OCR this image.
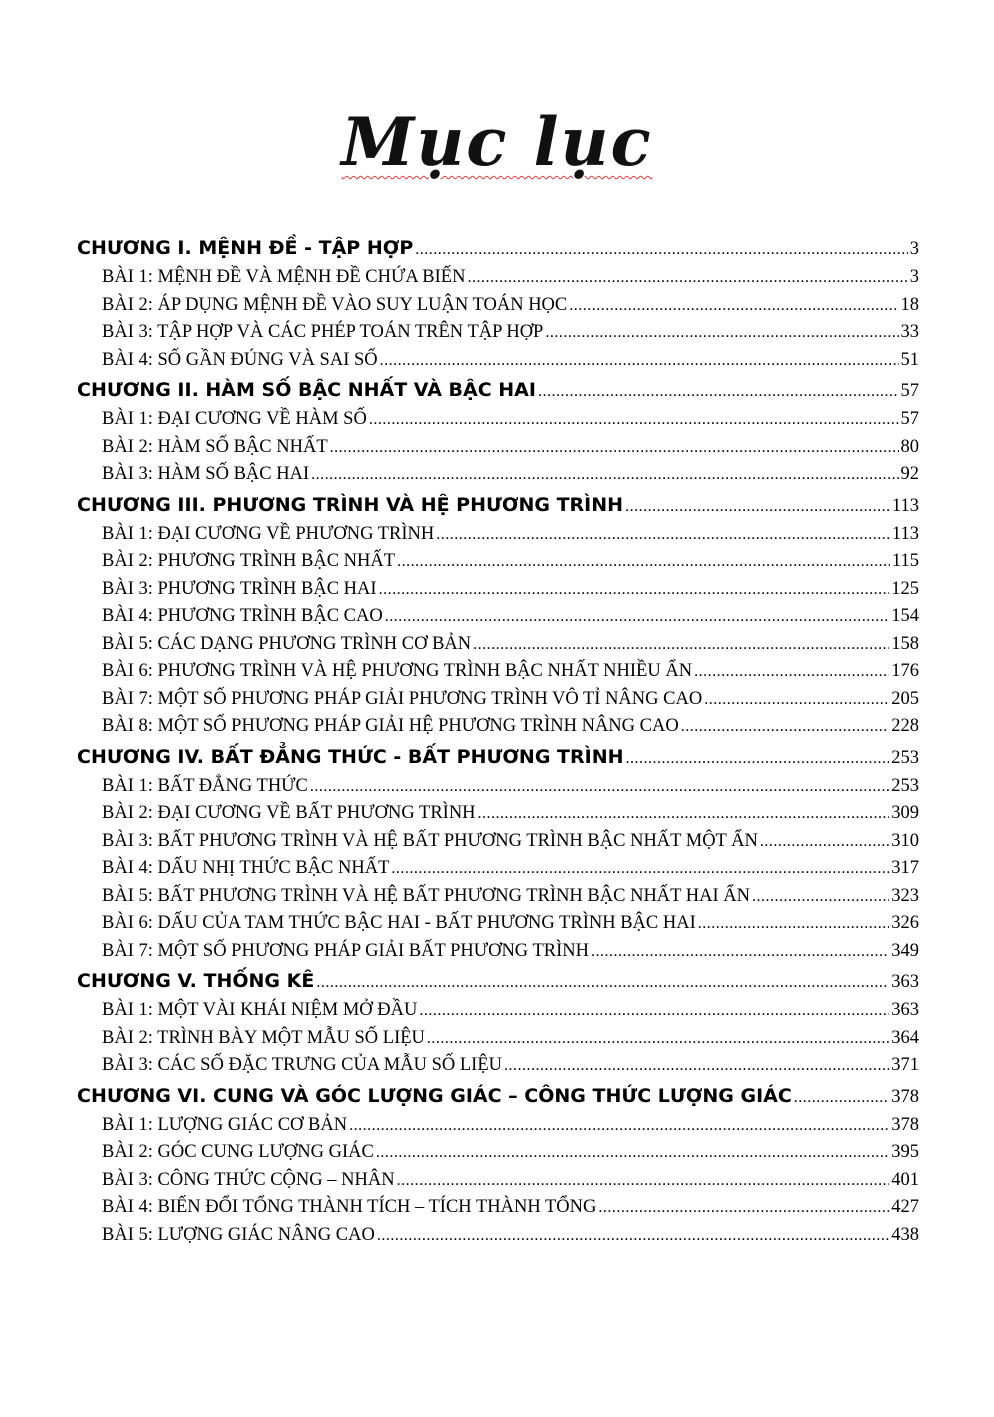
Mục lục
CHƯƠNG I. MỆNH ĐỀ - TẬP HỢP .....	3
BÀI 1: MỆNH ĐỀ VÀ MỆNH ĐỀ CHỨA BIẾN .....	3
BÀI 2: ÁP DỤNG MỆNH ĐỀ VÀO SUY LUẬN TOÁN HỌC .....	18
BÀI 3: TẬP HỢP VÀ CÁC PHÉP TOÁN TRÊN TẬP HỢP .....	33
BÀI 4: SỐ GẦN ĐÚNG VÀ SAI SỐ .....	51
CHƯƠNG II. HÀM SỐ BẬC NHẤT VÀ BẬC HAI .....	57
BÀI 1: ĐẠI CƯƠNG VỀ HÀM SỐ .....	57
BÀI 2: HÀM SỐ BẬC NHẤT .....	80
BÀI 3: HÀM SỐ BẬC HAI .....	92
CHƯƠNG III. PHƯƠNG TRÌNH VÀ HỆ PHƯƠNG TRÌNH .....	113
BÀI 1: ĐẠI CƯƠNG VỀ PHƯƠNG TRÌNH .....	113
BÀI 2: PHƯƠNG TRÌNH BẬC NHẤT .....	115
BÀI 3: PHƯƠNG TRÌNH BẬC HAI .....	125
BÀI 4: PHƯƠNG TRÌNH BẬC CAO .....	154
BÀI 5: CÁC DẠNG PHƯƠNG TRÌNH CƠ BẢN .....	158
BÀI 6: PHƯƠNG TRÌNH VÀ HỆ PHƯƠNG TRÌNH BẬC NHẤT NHIỀU ẨN .....	176
BÀI 7: MỘT SỐ PHƯƠNG PHÁP GIẢI PHƯƠNG TRÌNH VÔ TỈ NÂNG CAO .....	205
BÀI 8: MỘT SỐ PHƯƠNG PHÁP GIẢI HỆ PHƯƠNG TRÌNH NÂNG CAO .....	228
CHƯƠNG IV. BẤT ĐẲNG THỨC - BẤT PHƯƠNG TRÌNH .....	253
BÀI 1: BẤT ĐẲNG THỨC .....	253
BÀI 2: ĐẠI CƯƠNG VỀ BẤT PHƯƠNG TRÌNH .....	309
BÀI 3: BẤT PHƯƠNG TRÌNH VÀ HỆ BẤT PHƯƠNG TRÌNH BẬC NHẤT MỘT ẨN .....	310
BÀI 4: DẤU NHỊ THỨC BẬC NHẤT .....	317
BÀI 5: BẤT PHƯƠNG TRÌNH VÀ HỆ BẤT PHƯƠNG TRÌNH BẬC NHẤT HAI ẨN .....	323
BÀI 6: DẤU CỦA TAM THỨC BẬC HAI - BẤT PHƯƠNG TRÌNH BẬC HAI .....	326
BÀI 7: MỘT SỐ PHƯƠNG PHÁP GIẢI BẤT PHƯƠNG TRÌNH .....	349
CHƯƠNG V. THỐNG KÊ .....	363
BÀI 1: MỘT VÀI KHÁI NIỆM MỞ ĐẦU .....	363
BÀI 2: TRÌNH BÀY MỘT MẪU SỐ LIỆU .....	364
BÀI 3: CÁC SỐ ĐẶC TRƯNG CỦA MẪU SỐ LIỆU .....	371
CHƯƠNG VI. CUNG VÀ GÓC LƯỢNG GIÁC – CÔNG THỨC LƯỢNG GIÁC .....	378
BÀI 1: LƯỢNG GIÁC CƠ BẢN .....	378
BÀI 2: GÓC CUNG LƯỢNG GIÁC .....	395
BÀI 3: CÔNG THỨC CỘNG – NHÂN .....	401
BÀI 4: BIẾN ĐỔI TỔNG THÀNH TÍCH – TÍCH THÀNH TỔNG .....	427
BÀI 5: LƯỢNG GIÁC NÂNG CAO .....	438
